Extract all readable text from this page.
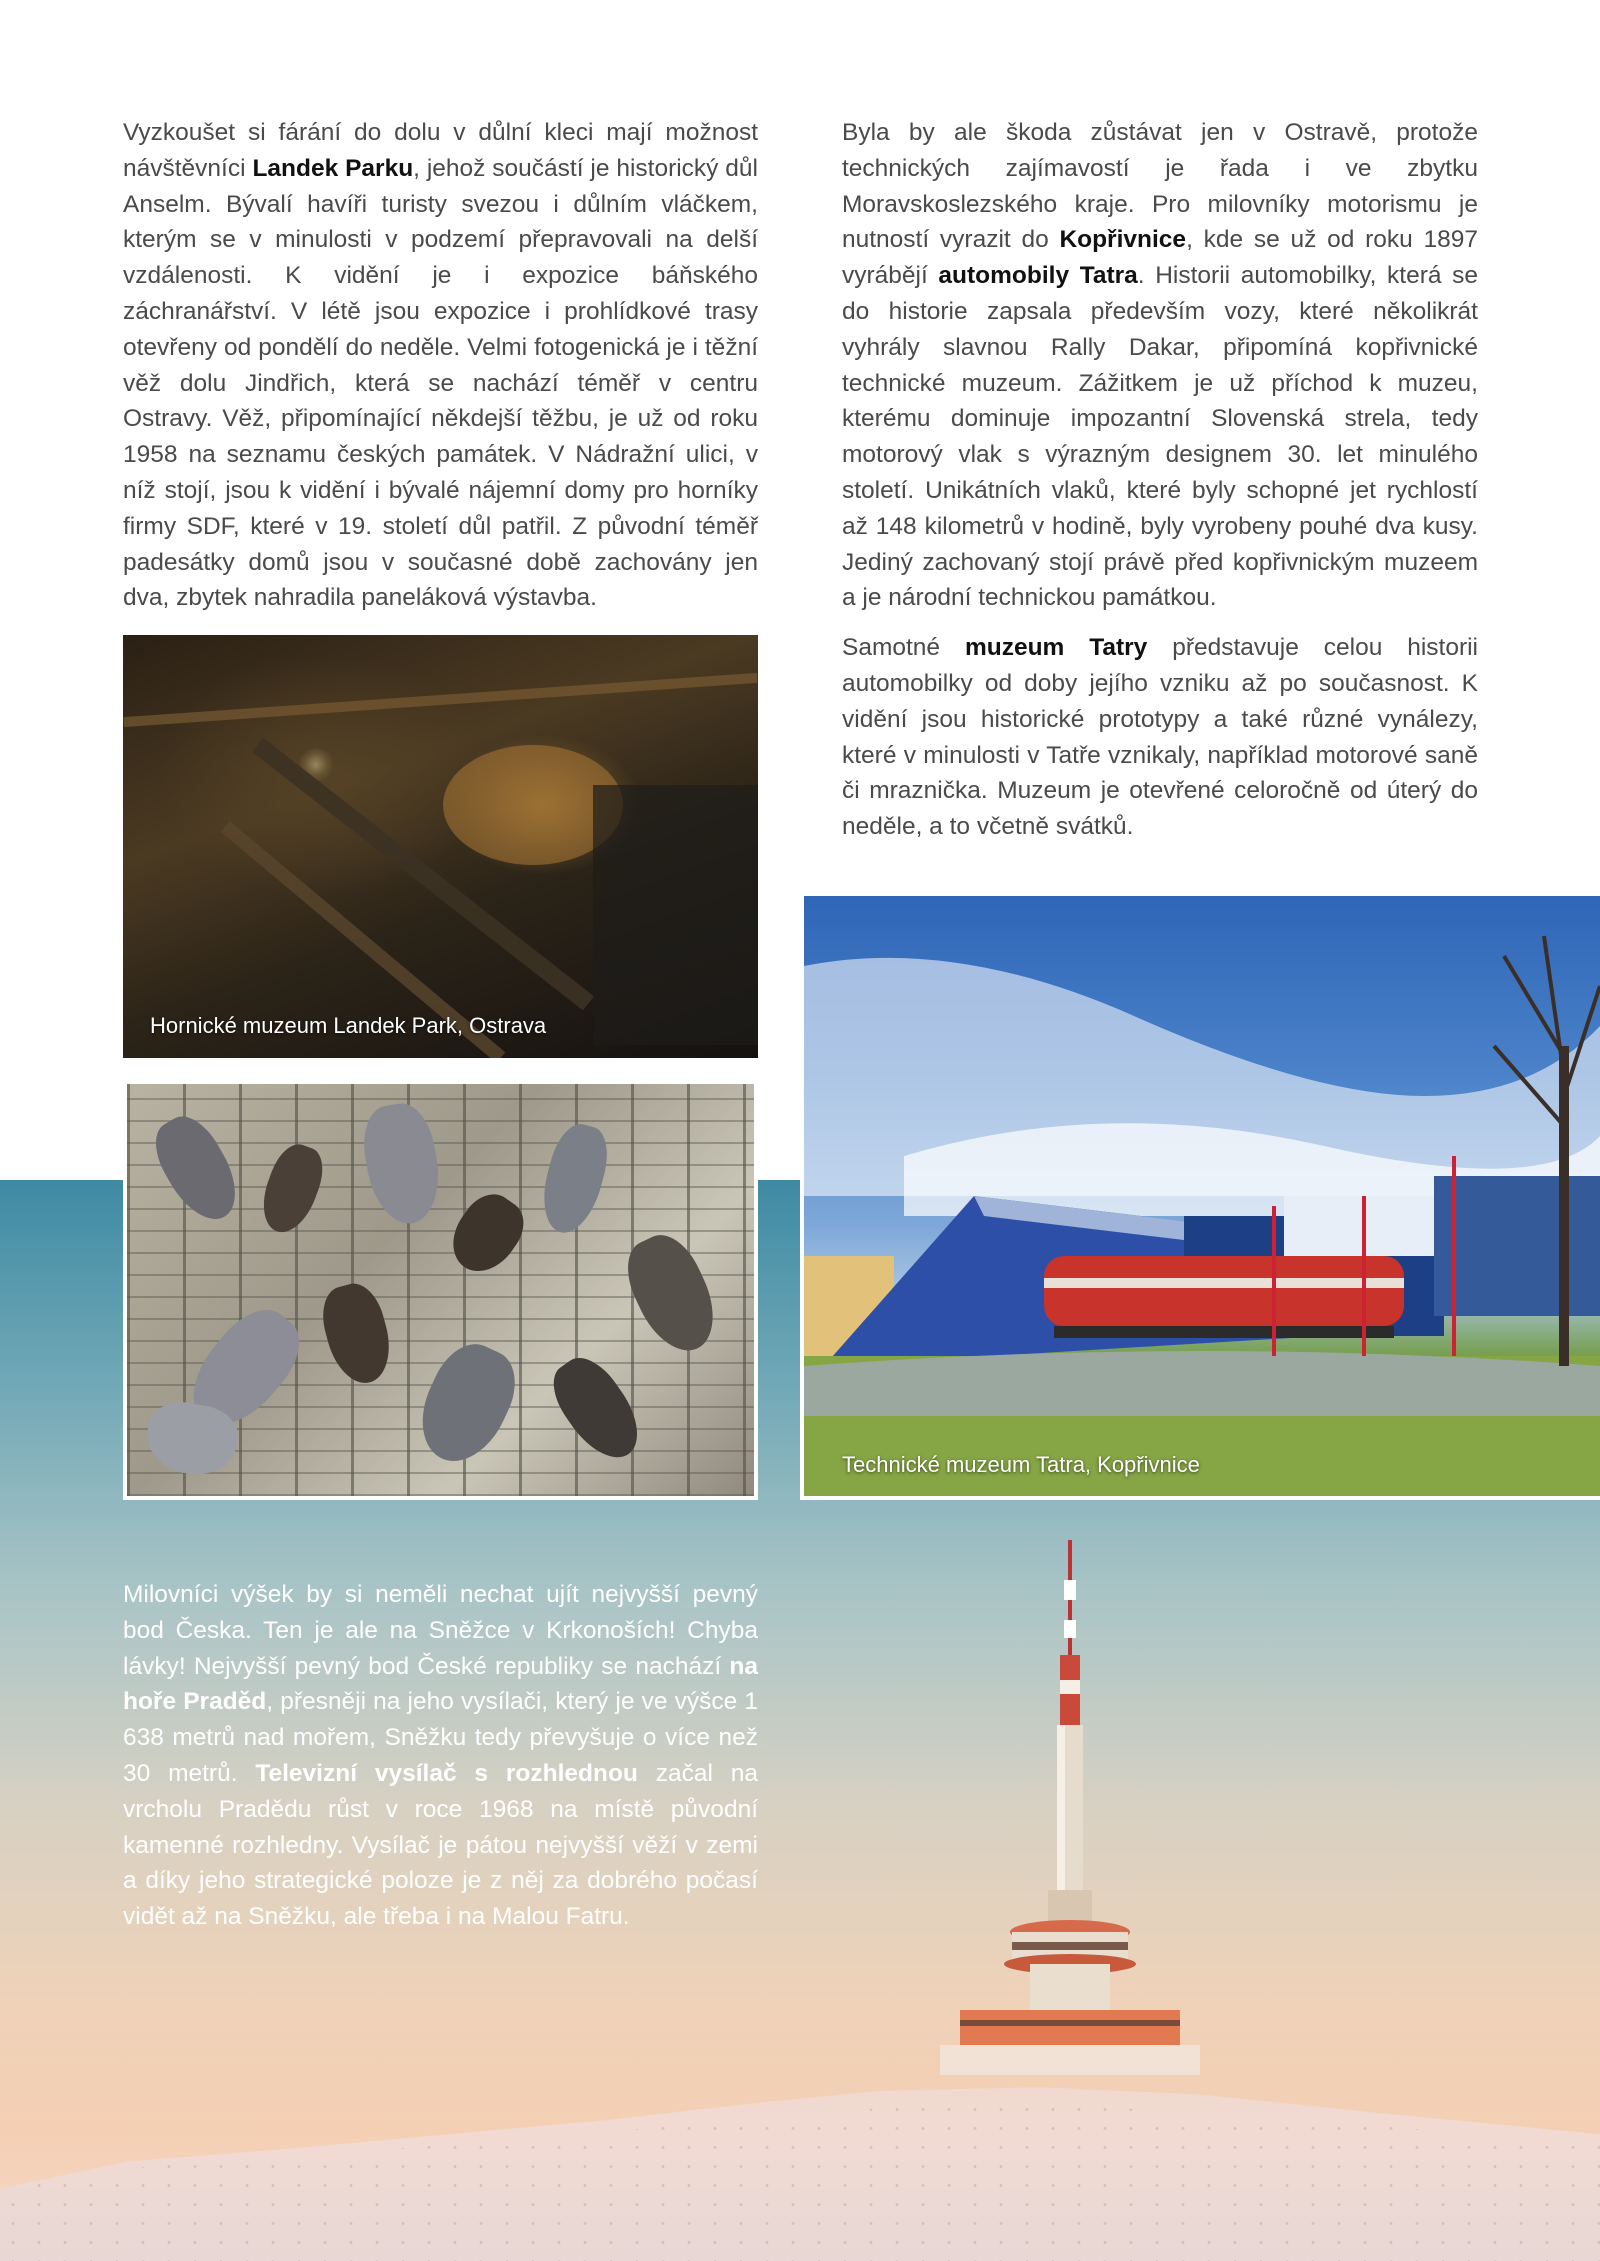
Vyzkoušet si fárání do dolu v důlní kleci mají možnost návštěvníci Landek Parku, jehož součástí je historický důl Anselm. Bývalí havíři turisty svezou i důlním vláčkem, kterým se v minulosti v podzemí přepravovali na delší vzdálenosti. K vidění je i expozice báňského záchranářství. V létě jsou expozice i prohlídkové trasy otevřeny od pondělí do neděle. Velmi fotogenická je i těžní věž dolu Jindřich, která se nachází téměř v centru Ostravy. Věž, připomínající někdejší těžbu, je už od roku 1958 na seznamu českých památek. V Nádražní ulici, v níž stojí, jsou k vidění i bývalé nájemní domy pro horníky firmy SDF, které v 19. století důl patřil. Z původní téměř padesátky domů jsou v současné době zachovány jen dva, zbytek nahradila paneláková výstavba.

Byla by ale škoda zůstávat jen v Ostravě, protože technických zajímavostí je řada i ve zbytku Moravskoslezského kraje. Pro milovníky motorismu je nutností vyrazit do Kopřivnice, kde se už od roku 1897 vyrábějí automobily Tatra. Historii automobilky, která se do historie zapsala především vozy, které několikrát vyhrály slavnou Rally Dakar, připomíná kopřivnické technické muzeum. Zážitkem je už příchod k muzeu, kterému dominuje impozantní Slovenská strela, tedy motorový vlak s výrazným designem 30. let minulého století. Unikátních vlaků, které byly schopné jet rychlostí až 148 kilometrů v hodině, byly vyrobeny pouhé dva kusy. Jediný zachovaný stojí právě před kopřivnickým muzeem a je národní technickou památkou.

Samotné muzeum Tatry představuje celou historii automobilky od doby jejího vzniku až po současnost. K vidění jsou historické prototypy a také různé vynálezy, které v minulosti v Tatře vznikaly, například motorové saně či mraznička. Muzeum je otevřené celoročně od úterý do neděle, a to včetně svátků.

Hornické muzeum Landek Park, Ostrava
Technické muzeum Tatra, Kopřivnice

Milovníci výšek by si neměli nechat ujít nejvyšší pevný bod Česka. Ten je ale na Sněžce v Krkonoších! Chyba lávky! Nejvyšší pevný bod České republiky se nachází na hoře Praděd, přesněji na jeho vysílači, který je ve výšce 1 638 metrů nad mořem, Sněžku tedy převyšuje o více než 30 metrů. Televizní vysílač s rozhlednou začal na vrcholu Pradědu růst v roce 1968 na místě původní kamenné rozhledny. Vysílač je pátou nejvyšší věží v zemi a díky jeho strategické poloze je z něj za dobrého počasí vidět až na Sněžku, ale třeba i na Malou Fatru.
